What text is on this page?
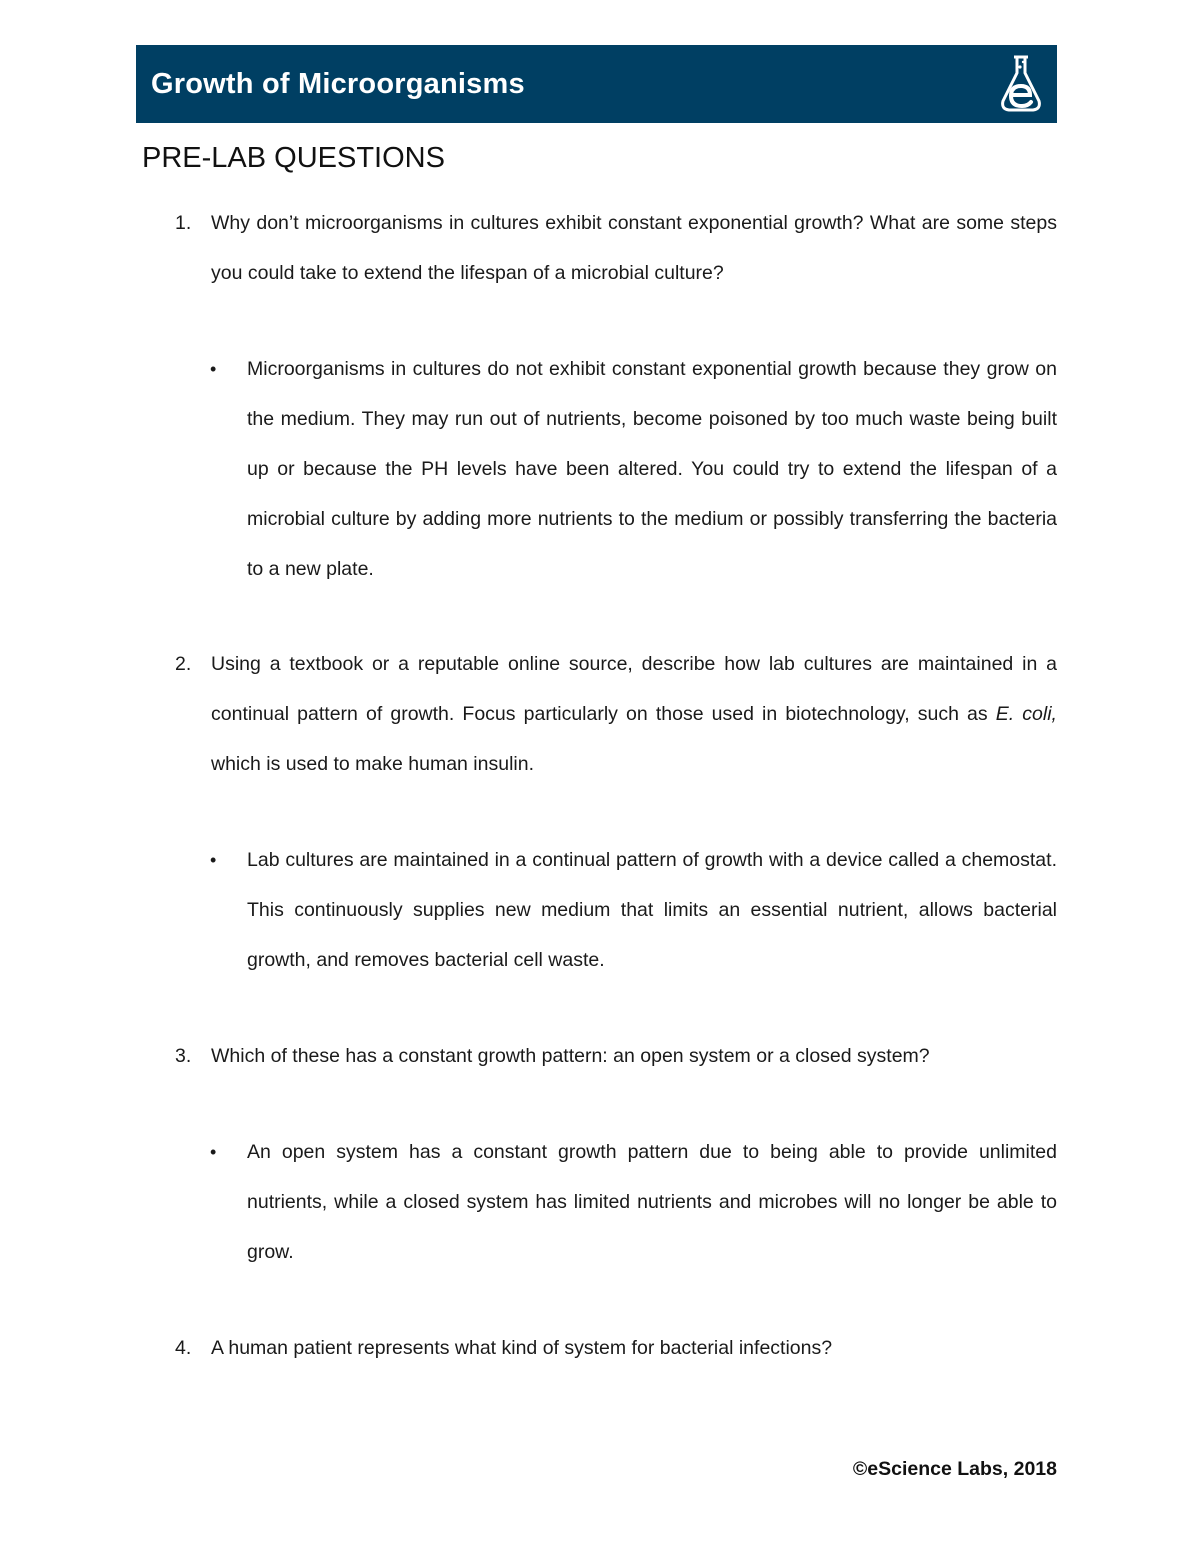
Growth of Microorganisms
PRE-LAB QUESTIONS
1.	Why don’t microorganisms in cultures exhibit constant exponential growth? What are some steps you could take to extend the lifespan of a microbial culture?
•	Microorganisms in cultures do not exhibit constant exponential growth because they grow on the medium. They may run out of nutrients, become poisoned by too much waste being built up or because the PH levels have been altered. You could try to extend the lifespan of a microbial culture by adding more nutrients to the medium or possibly transferring the bacteria to a new plate.
2.	Using a textbook or a reputable online source, describe how lab cultures are maintained in a continual pattern of growth. Focus particularly on those used in biotechnology, such as E. coli, which is used to make human insulin.
•	Lab cultures are maintained in a continual pattern of growth with a device called a chemostat. This continuously supplies new medium that limits an essential nutrient, allows bacterial growth, and removes bacterial cell waste.
3.	Which of these has a constant growth pattern: an open system or a closed system?
•	An open system has a constant growth pattern due to being able to provide unlimited nutrients, while a closed system has limited nutrients and microbes will no longer be able to grow.
4.	A human patient represents what kind of system for bacterial infections?
©eScience Labs, 2018
